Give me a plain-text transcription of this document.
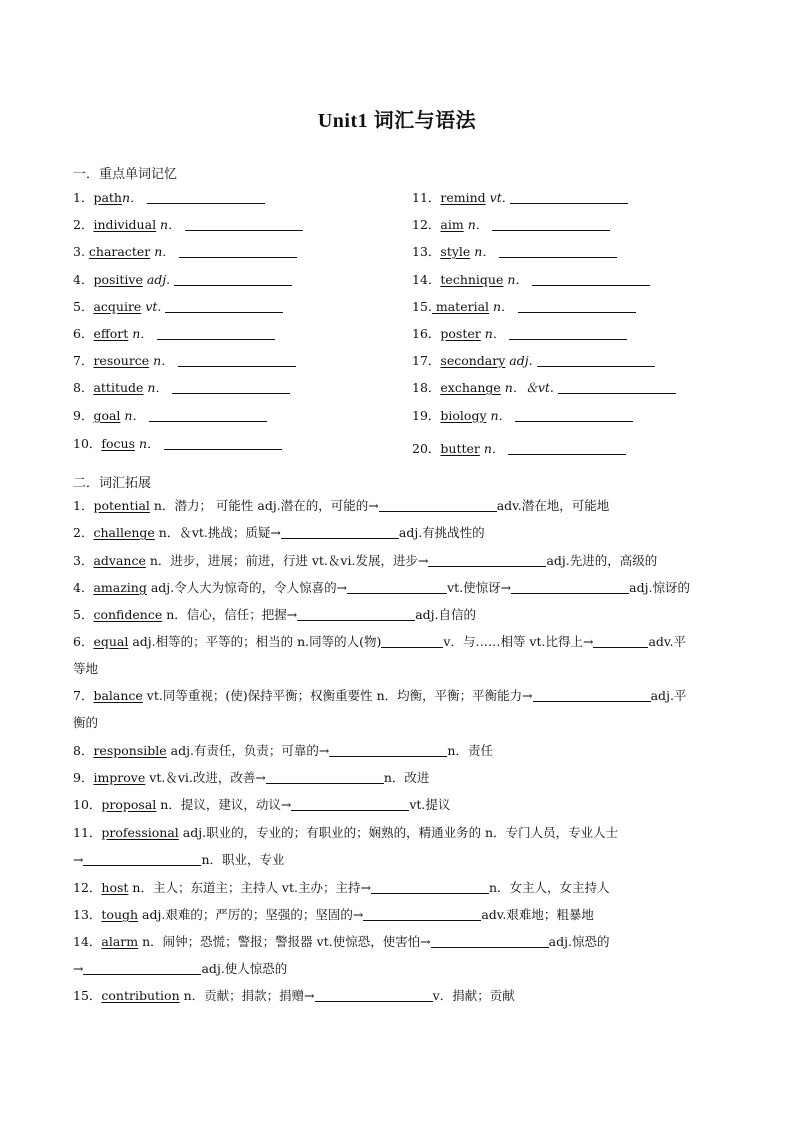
Unit1 词汇与语法
一．重点单词记忆
1．pathn．
2．individual n．
3. character n．
4．positive adj.
5．acquire vt.
6．effort n．
7．resource n．
8．attitude n．
9．goal n．
10．focus n．
11．remind vt.
12．aim n．
13．style n．
14．technique n．
15. material n．
16．poster n．
17．secondary adj.
18．exchange n．＆vt.
19．biology n．
20．butter n．
二．词汇拓展
1．potential n．潜力； 可能性 adj.潜在的，可能的→	adv.潜在地，可能地
2．challenge n．＆vt.挑战；质疑→	adj.有挑战性的
3．advance n．进步，进展；前进，行进 vt.＆vi.发展，进步→	adj.先进的，高级的
4．amazing adj.令人大为惊奇的，令人惊喜的→	vt.使惊讶→	adj.惊讶的
5．confidence n．信心，信任；把握→	adj.自信的
6．equal adj.相等的；平等的；相当的 n.同等的人(物)	v．与……相等 vt.比得上→	adv.平
等地
7．balance vt.同等重视；(使)保持平衡；权衡重要性 n．均衡，平衡；平衡能力→	adj.平
衡的
8．responsible adj.有责任，负责；可靠的→	n．责任
9．improve vt.＆vi.改进，改善→	n．改进
10．proposal n．提议，建议，动议→	vt.提议
11．professional adj.职业的，专业的；有职业的；娴熟的，精通业务的 n．专门人员，专业人士
→	n．职业，专业
12．host n．主人；东道主；主持人 vt.主办；主持→	n．女主人，女主持人
13．tough adj.艰难的；严厉的；坚强的；坚固的→	adv.艰难地；粗暴地
14．alarm n．闹钟；恐慌；警报；警报器 vt.使惊恐，使害怕→	adj.惊恐的
→	adj.使人惊恐的
15．contribution n．贡献；捐款；捐赠→	v．捐献；贡献
